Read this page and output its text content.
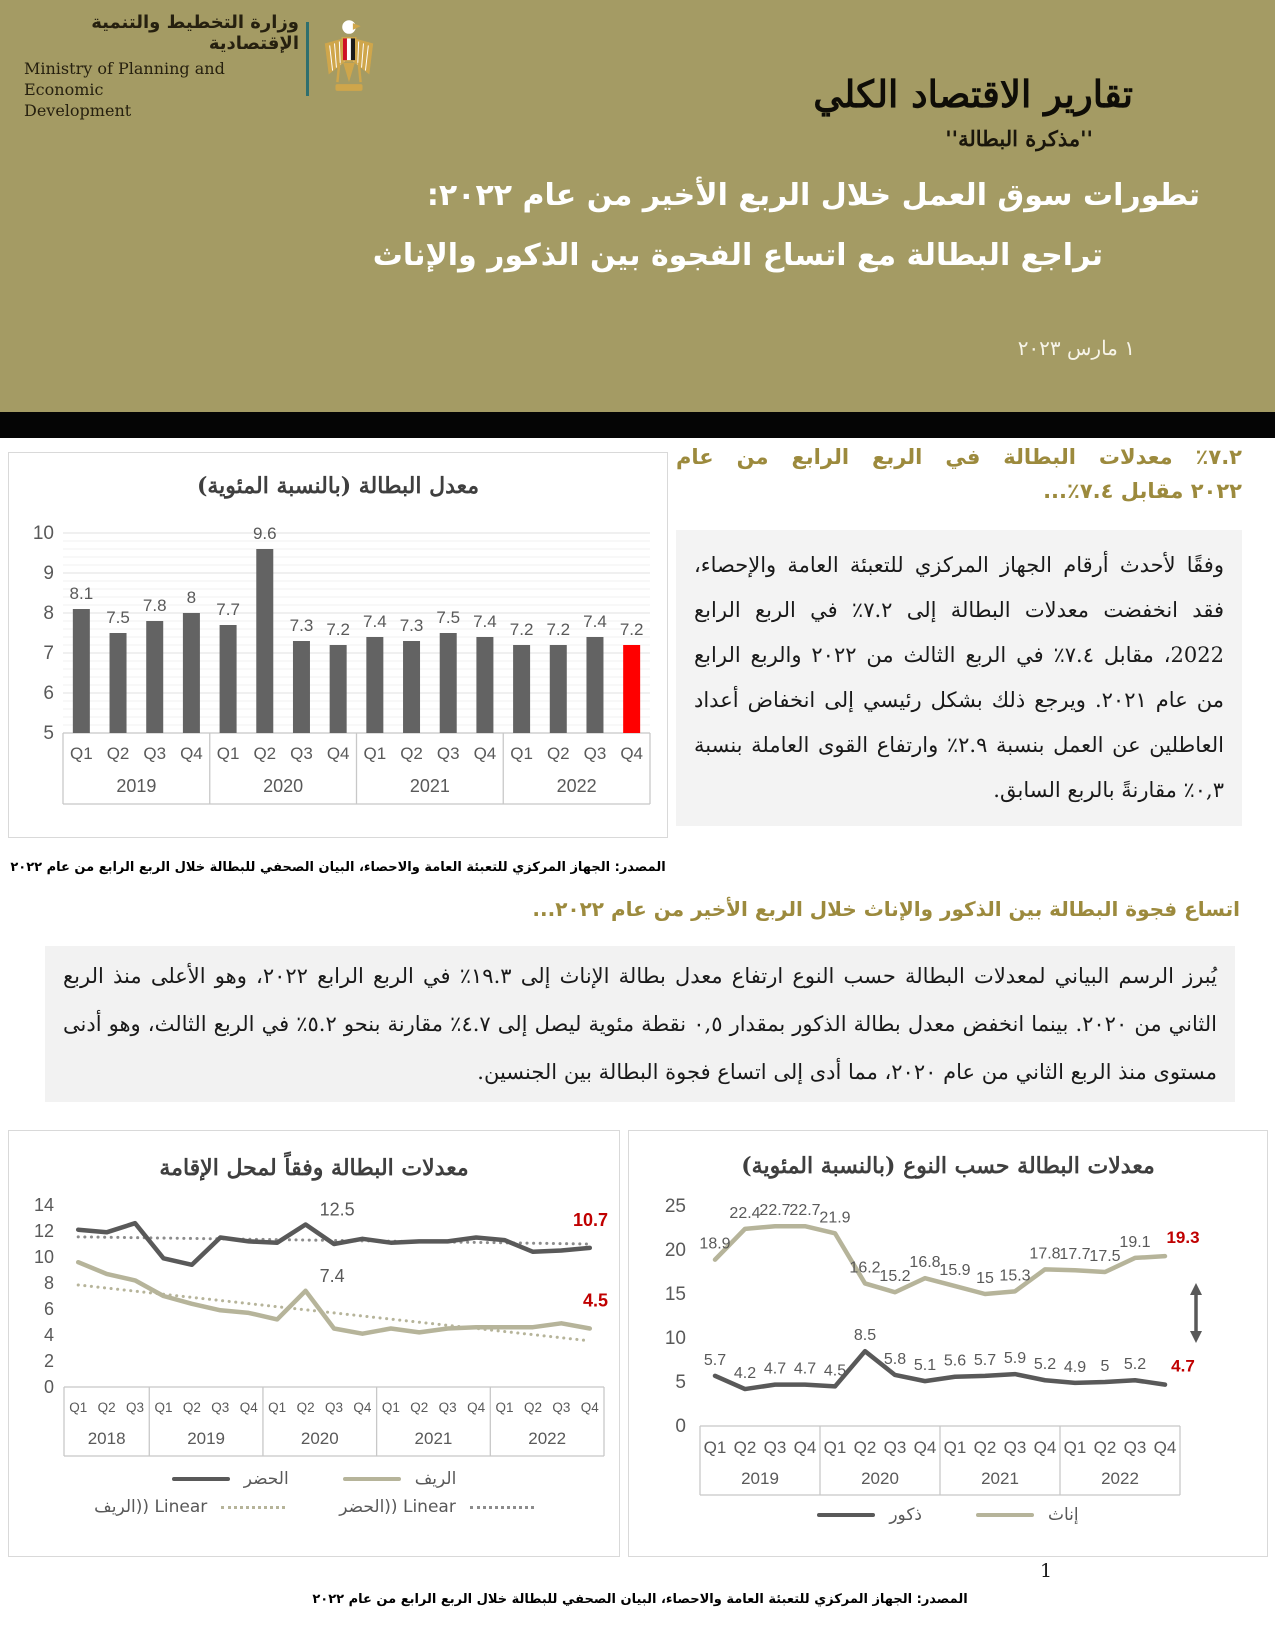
وزارة التخطيط والتنمية الإقتصادية
Ministry of Planning and Economic
Development	تقارير الاقتصاد الكلي
''مذكرة البطالة''
تطورات سوق العمل خلال الربع الأخير من عام ٢٠٢٢:
تراجع البطالة مع اتساع الفجوة بين الذكور والإناث
١ مارس ٢٠٢٣
معدل البطالة (بالنسبة المئوية)
5
6
7
8
9
10
Q1 Q2 Q3 Q4
2019
Q1 Q2 Q3 Q4
2020
Q1 Q2 Q3 Q4
2021
Q1 Q2 Q3 Q4
2022
8.1
7.5
7.8 8
7.7
9.6
7.3 7.2 7.4 7.3 7.5 7.4 7.2 7.2 7.4 7.2
٧.٢٪ معدلات البطالة في الربع الرابع من عام
٢٠٢٢ مقابل ٧.٤٪...
وفقًا لأحدث أرقام الجهاز المركزي للتعبئة العامة والإحصاء، فقد انخفضت معدلات البطالة إلى ٧.٢٪ في الربع الرابع 2022، مقابل ٧.٤٪ في الربع الثالث من ٢٠٢٢ والربع الرابع من عام ٢٠٢١. ويرجع ذلك بشكل رئيسي إلى انخفاض أعداد العاطلين عن العمل بنسبة ٢.٩٪ وارتفاع القوى العاملة بنسبة ٠,٣٪ مقارنةً بالربع السابق.
المصدر: الجهاز المركزي للتعبئة العامة والاحصاء، البيان الصحفي للبطالة خلال الربع الرابع من عام ٢٠٢٢
اتساع فجوة البطالة بين الذكور والإناث خلال الربع الأخير من عام ٢٠٢٢...
يُبرز الرسم البياني لمعدلات البطالة حسب النوع ارتفاع معدل بطالة الإناث إلى ١٩.٣٪ في الربع الرابع ٢٠٢٢، وهو الأعلى منذ الربع الثاني من ٢٠٢٠. بينما انخفض معدل بطالة الذكور بمقدار ٠,٥ نقطة مئوية ليصل إلى ٤.٧٪ مقارنة بنحو ٥.٢٪ في الربع الثالث، وهو أدنى مستوى منذ الربع الثاني من عام ٢٠٢٠، مما أدى إلى اتساع فجوة البطالة بين الجنسين.
معدلات البطالة وفقاً لمحل الإقامة
0
2
4
6
8
10
12
14
Q1 Q2 Q3
2018
Q1 Q2 Q3 Q4
2019
Q1 Q2 Q3 Q4
2020
Q1 Q2 Q3 Q4
2021
Q1 Q2 Q3 Q4
2022
12.5
10.7
7.4
4.5
الحضر	الريف
Linear ((الريف	Linear ((الحضر
معدلات البطالة حسب النوع (بالنسبة المئوية)
0
5
10
15
20
25
Q1 Q2 Q3 Q4
2019
Q1 Q2 Q3 Q4
2020
Q1 Q2 Q3 Q4
2021
Q1 Q2 Q3 Q4
2022
5.7
4.2 4.7 4.7 4.5
8.5
5.8 5.1 5.6 5.7 5.9 5.2 4.9 5 5.2 4.7
18.9
22.4
22.7
22.7
21.9
16.2
15.2
16.8
15.9 15 15.3
17.8
17.7
17.5
19.1 19.3
ذكور	إناث
1
المصدر: الجهاز المركزي للتعبئة العامة والاحصاء، البيان الصحفي للبطالة خلال الربع الرابع من عام ٢٠٢٢
